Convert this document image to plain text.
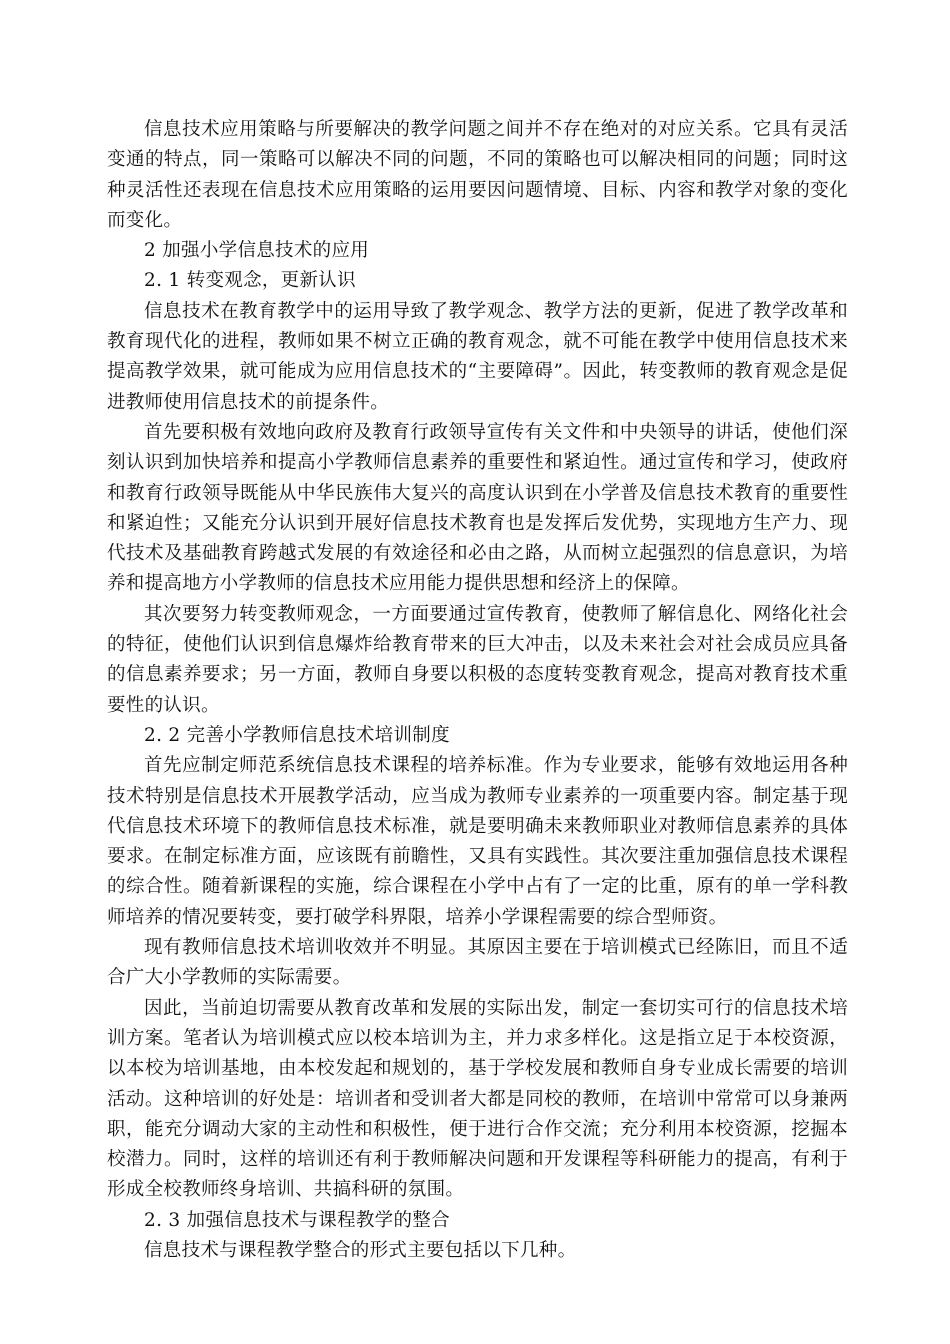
信息技术应用策略与所要解决的教学问题之间并不存在绝对的对应关系。它具有灵活变通的特点，同一策略可以解决不同的问题，不同的策略也可以解决相同的问题；同时这种灵活性还表现在信息技术应用策略的运用要因问题情境、目标、内容和教学对象的变化而变化。

2 加强小学信息技术的应用

2. 1 转变观念，更新认识

信息技术在教育教学中的运用导致了教学观念、教学方法的更新，促进了教学改革和教育现代化的进程，教师如果不树立正确的教育观念，就不可能在教学中使用信息技术来提高教学效果，就可能成为应用信息技术的“主要障碍”。因此，转变教师的教育观念是促进教师使用信息技术的前提条件。

首先要积极有效地向政府及教育行政领导宣传有关文件和中央领导的讲话，使他们深刻认识到加快培养和提高小学教师信息素养的重要性和紧迫性。通过宣传和学习，使政府和教育行政领导既能从中华民族伟大复兴的高度认识到在小学普及信息技术教育的重要性和紧迫性；又能充分认识到开展好信息技术教育也是发挥后发优势，实现地方生产力、现代技术及基础教育跨越式发展的有效途径和必由之路，从而树立起强烈的信息意识，为培养和提高地方小学教师的信息技术应用能力提供思想和经济上的保障。

其次要努力转变教师观念，一方面要通过宣传教育，使教师了解信息化、网络化社会的特征，使他们认识到信息爆炸给教育带来的巨大冲击，以及未来社会对社会成员应具备的信息素养要求；另一方面，教师自身要以积极的态度转变教育观念，提高对教育技术重要性的认识。

2. 2 完善小学教师信息技术培训制度

首先应制定师范系统信息技术课程的培养标准。作为专业要求，能够有效地运用各种技术特别是信息技术开展教学活动，应当成为教师专业素养的一项重要内容。制定基于现代信息技术环境下的教师信息技术标准，就是要明确未来教师职业对教师信息素养的具体要求。在制定标准方面，应该既有前瞻性，又具有实践性。其次要注重加强信息技术课程的综合性。随着新课程的实施，综合课程在小学中占有了一定的比重，原有的单一学科教师培养的情况要转变，要打破学科界限，培养小学课程需要的综合型师资。

现有教师信息技术培训收效并不明显。其原因主要在于培训模式已经陈旧，而且不适合广大小学教师的实际需要。

因此，当前迫切需要从教育改革和发展的实际出发，制定一套切实可行的信息技术培训方案。笔者认为培训模式应以校本培训为主，并力求多样化。这是指立足于本校资源，以本校为培训基地，由本校发起和规划的，基于学校发展和教师自身专业成长需要的培训活动。这种培训的好处是：培训者和受训者大都是同校的教师，在培训中常常可以身兼两职，能充分调动大家的主动性和积极性，便于进行合作交流；充分利用本校资源，挖掘本校潜力。同时，这样的培训还有利于教师解决问题和开发课程等科研能力的提高，有利于形成全校教师终身培训、共搞科研的氛围。

2. 3 加强信息技术与课程教学的整合

信息技术与课程教学整合的形式主要包括以下几种。
